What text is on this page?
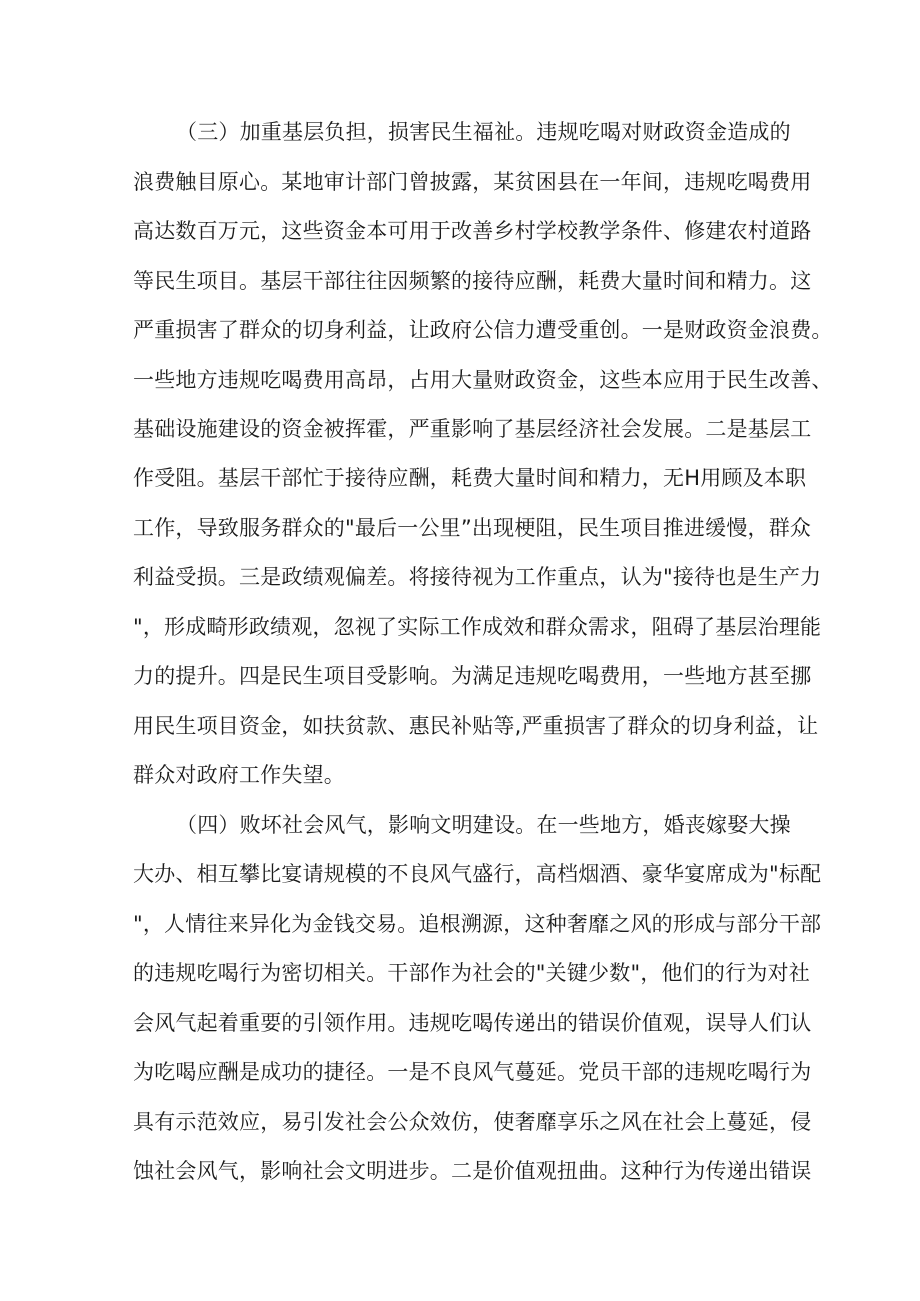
（三）加重基层负担，损害民生福祉。违规吃喝对财政资金造成的
浪费触目原心。某地审计部门曾披露，某贫困县在一年间，违规吃喝费用
高达数百万元，这些资金本可用于改善乡村学校教学条件、修建农村道路
等民生项目。基层干部往往因频繁的接待应酬，耗费大量时间和精力。这
严重损害了群众的切身利益，让政府公信力遭受重创。一是财政资金浪费。
一些地方违规吃喝费用高昂，占用大量财政资金，这些本应用于民生改善、
基础设施建设的资金被挥霍，严重影响了基层经济社会发展。二是基层工
作受阻。基层干部忙于接待应酬，耗费大量时间和精力，无H用顾及本职
工作，导致服务群众的"最后一公里”出现梗阻，民生项目推进缓慢，群众
利益受损。三是政绩观偏差。将接待视为工作重点，认为"接待也是生产力
"，形成畸形政绩观，忽视了实际工作成效和群众需求，阻碍了基层治理能
力的提升。四是民生项目受影响。为满足违规吃喝费用，一些地方甚至挪
用民生项目资金，如扶贫款、惠民补贴等,严重损害了群众的切身利益，让
群众对政府工作失望。
（四）败坏社会风气，影响文明建设。在一些地方，婚丧嫁娶大操
大办、相互攀比宴请规模的不良风气盛行，高档烟酒、豪华宴席成为"标配
"，人情往来异化为金钱交易。追根溯源，这种奢靡之风的形成与部分干部
的违规吃喝行为密切相关。干部作为社会的"关键少数"，他们的行为对社
会风气起着重要的引领作用。违规吃喝传递出的错误价值观，误导人们认
为吃喝应酬是成功的捷径。一是不良风气蔓延。党员干部的违规吃喝行为
具有示范效应，易引发社会公众效仿，使奢靡享乐之风在社会上蔓延，侵
蚀社会风气，影响社会文明进步。二是价值观扭曲。这种行为传递出错误
